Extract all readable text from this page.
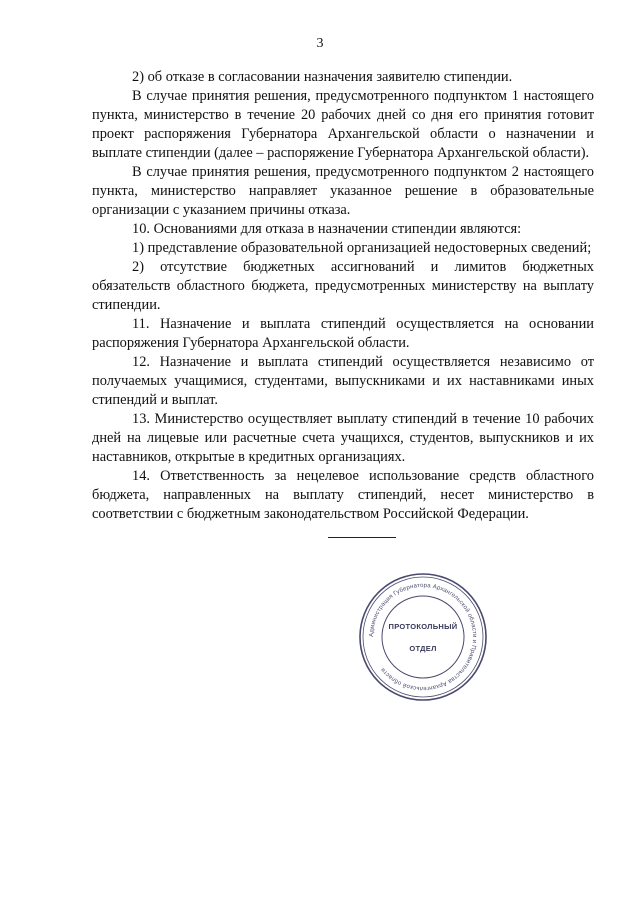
3

2) об отказе в согласовании назначения заявителю стипендии.

В случае принятия решения, предусмотренного подпунктом 1 настоящего пункта, министерство в течение 20 рабочих дней со дня его принятия готовит проект распоряжения Губернатора Архангельской области о назначении и выплате стипендии (далее – распоряжение Губернатора Архангельской области).

В случае принятия решения, предусмотренного подпунктом 2 настоящего пункта, министерство направляет указанное решение в образовательные организации с указанием причины отказа.

10. Основаниями для отказа в назначении стипендии являются:

1) представление образовательной организацией недостоверных сведений;

2) отсутствие бюджетных ассигнований и лимитов бюджетных обязательств областного бюджета, предусмотренных министерству на выплату стипендии.

11. Назначение и выплата стипендий осуществляется на основании распоряжения Губернатора Архангельской области.

12. Назначение и выплата стипендий осуществляется независимо от получаемых учащимися, студентами, выпускниками и их наставниками иных стипендий и выплат.

13. Министерство осуществляет выплату стипендий в течение 10 рабочих дней на лицевые или расчетные счета учащихся, студентов, выпускников и их наставников, открытые в кредитных организациях.

14. Ответственность за нецелевое использование средств областного бюджета, направленных на выплату стипендий, несет министерство в соответствии с бюджетным законодательством Российской Федерации.

Администрация Губернатора Архангельской области и Правительства Архангельской области
ПРОТОКОЛЬНЫЙ
ОТДЕЛ
